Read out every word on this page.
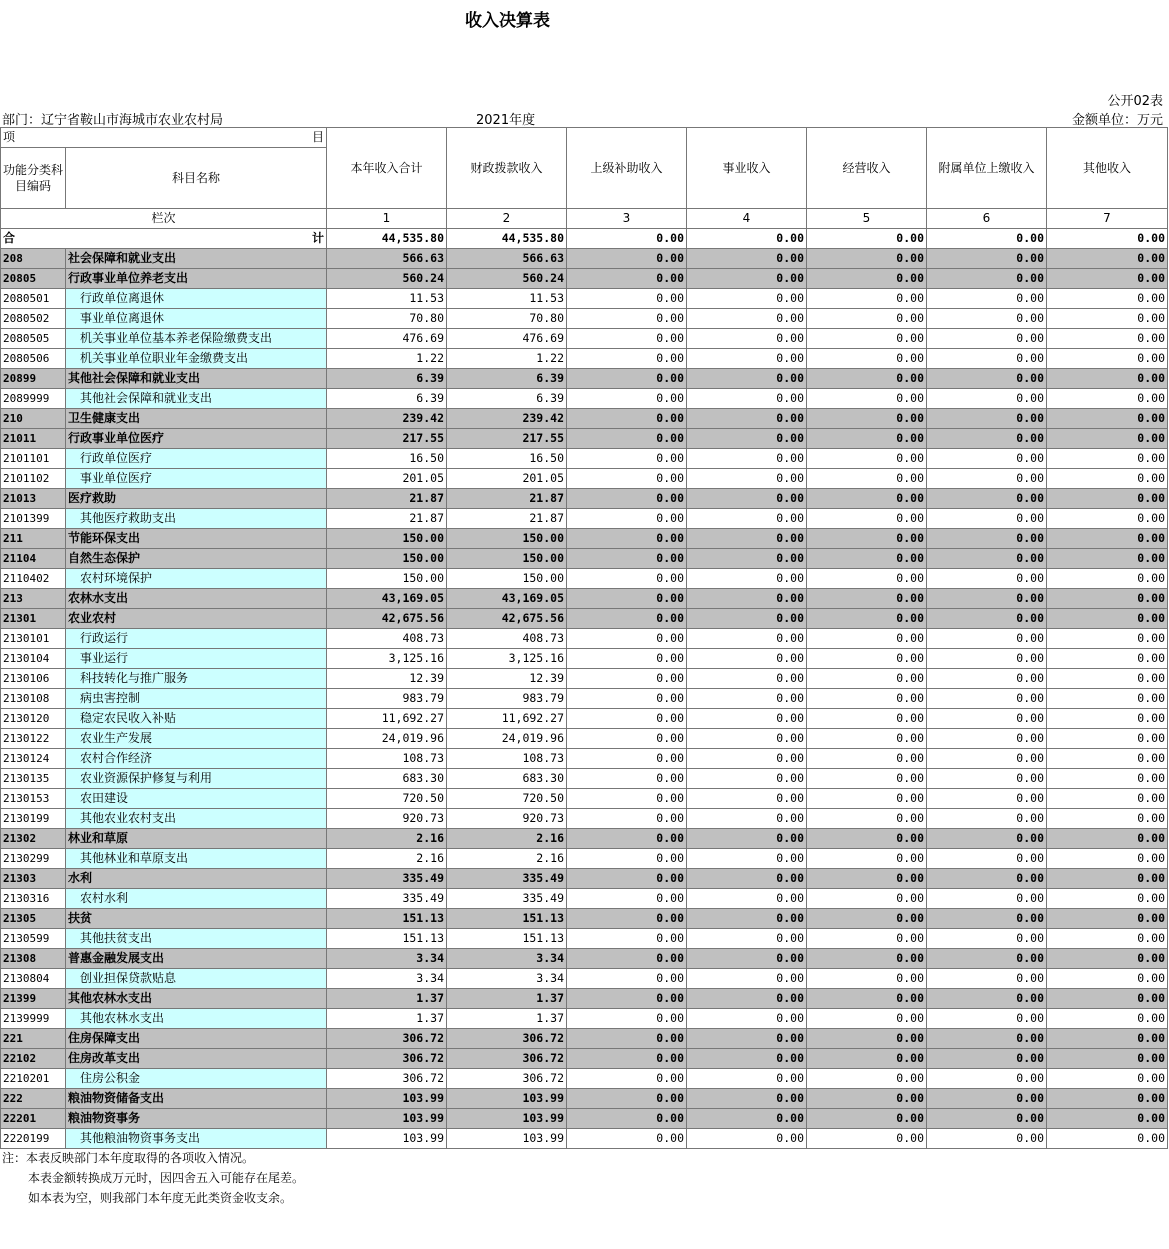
收入决算表
公开02表
部门：辽宁省鞍山市海城市农业农村局	2021年度	金额单位：万元
项 目		本年收入合计	财政拨款收入	上级补助收入	事业收入	经营收入	附属单位上缴收入	其他收入
功能分类科目编码	科目名称							
栏次		1	2	3	4	5	6	7
合 计		44,535.80	44,535.80	0.00	0.00	0.00	0.00	0.00
208	社会保障和就业支出	566.63	566.63	0.00	0.00	0.00	0.00	0.00
20805	行政事业单位养老支出	560.24	560.24	0.00	0.00	0.00	0.00	0.00
2080501	行政单位离退休	11.53	11.53	0.00	0.00	0.00	0.00	0.00
2080502	事业单位离退休	70.80	70.80	0.00	0.00	0.00	0.00	0.00
2080505	机关事业单位基本养老保险缴费支出	476.69	476.69	0.00	0.00	0.00	0.00	0.00
2080506	机关事业单位职业年金缴费支出	1.22	1.22	0.00	0.00	0.00	0.00	0.00
20899	其他社会保障和就业支出	6.39	6.39	0.00	0.00	0.00	0.00	0.00
2089999	其他社会保障和就业支出	6.39	6.39	0.00	0.00	0.00	0.00	0.00
210	卫生健康支出	239.42	239.42	0.00	0.00	0.00	0.00	0.00
21011	行政事业单位医疗	217.55	217.55	0.00	0.00	0.00	0.00	0.00
2101101	行政单位医疗	16.50	16.50	0.00	0.00	0.00	0.00	0.00
2101102	事业单位医疗	201.05	201.05	0.00	0.00	0.00	0.00	0.00
21013	医疗救助	21.87	21.87	0.00	0.00	0.00	0.00	0.00
2101399	其他医疗救助支出	21.87	21.87	0.00	0.00	0.00	0.00	0.00
211	节能环保支出	150.00	150.00	0.00	0.00	0.00	0.00	0.00
21104	自然生态保护	150.00	150.00	0.00	0.00	0.00	0.00	0.00
2110402	农村环境保护	150.00	150.00	0.00	0.00	0.00	0.00	0.00
213	农林水支出	43,169.05	43,169.05	0.00	0.00	0.00	0.00	0.00
21301	农业农村	42,675.56	42,675.56	0.00	0.00	0.00	0.00	0.00
2130101	行政运行	408.73	408.73	0.00	0.00	0.00	0.00	0.00
2130104	事业运行	3,125.16	3,125.16	0.00	0.00	0.00	0.00	0.00
2130106	科技转化与推广服务	12.39	12.39	0.00	0.00	0.00	0.00	0.00
2130108	病虫害控制	983.79	983.79	0.00	0.00	0.00	0.00	0.00
2130120	稳定农民收入补贴	11,692.27	11,692.27	0.00	0.00	0.00	0.00	0.00
2130122	农业生产发展	24,019.96	24,019.96	0.00	0.00	0.00	0.00	0.00
2130124	农村合作经济	108.73	108.73	0.00	0.00	0.00	0.00	0.00
2130135	农业资源保护修复与利用	683.30	683.30	0.00	0.00	0.00	0.00	0.00
2130153	农田建设	720.50	720.50	0.00	0.00	0.00	0.00	0.00
2130199	其他农业农村支出	920.73	920.73	0.00	0.00	0.00	0.00	0.00
21302	林业和草原	2.16	2.16	0.00	0.00	0.00	0.00	0.00
2130299	其他林业和草原支出	2.16	2.16	0.00	0.00	0.00	0.00	0.00
21303	水利	335.49	335.49	0.00	0.00	0.00	0.00	0.00
2130316	农村水利	335.49	335.49	0.00	0.00	0.00	0.00	0.00
21305	扶贫	151.13	151.13	0.00	0.00	0.00	0.00	0.00
2130599	其他扶贫支出	151.13	151.13	0.00	0.00	0.00	0.00	0.00
21308	普惠金融发展支出	3.34	3.34	0.00	0.00	0.00	0.00	0.00
2130804	创业担保贷款贴息	3.34	3.34	0.00	0.00	0.00	0.00	0.00
21399	其他农林水支出	1.37	1.37	0.00	0.00	0.00	0.00	0.00
2139999	其他农林水支出	1.37	1.37	0.00	0.00	0.00	0.00	0.00
221	住房保障支出	306.72	306.72	0.00	0.00	0.00	0.00	0.00
22102	住房改革支出	306.72	306.72	0.00	0.00	0.00	0.00	0.00
2210201	住房公积金	306.72	306.72	0.00	0.00	0.00	0.00	0.00
222	粮油物资储备支出	103.99	103.99	0.00	0.00	0.00	0.00	0.00
22201	粮油物资事务	103.99	103.99	0.00	0.00	0.00	0.00	0.00
2220199	其他粮油物资事务支出	103.99	103.99	0.00	0.00	0.00	0.00	0.00
注：本表反映部门本年度取得的各项收入情况。
本表金额转换成万元时，因四舍五入可能存在尾差。
如本表为空，则我部门本年度无此类资金收支余。
